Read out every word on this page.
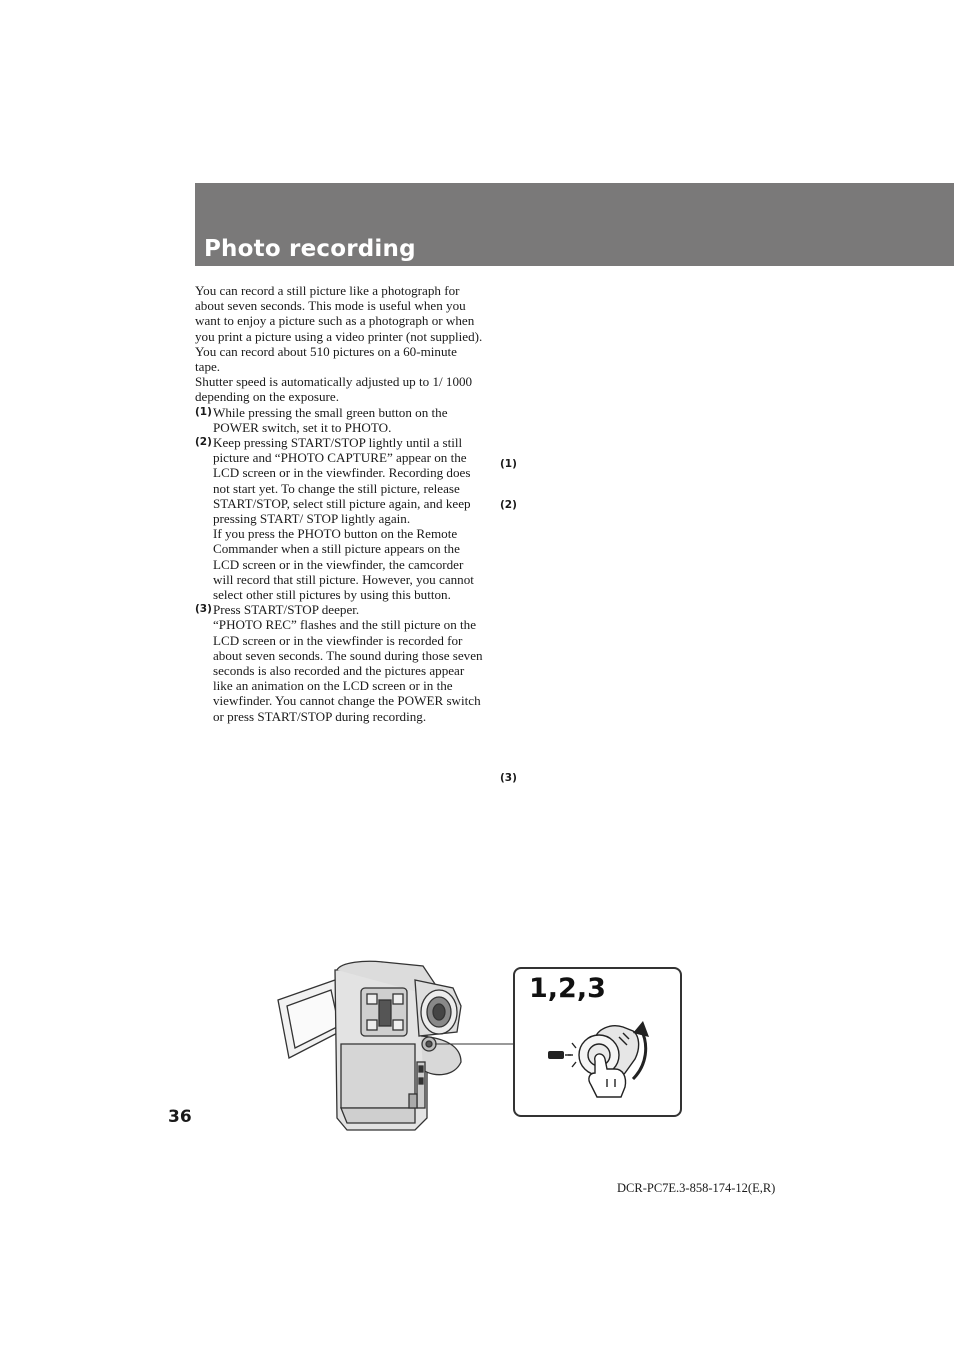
Photo recording

You can record a still picture like a photograph for about seven seconds. This mode is useful when you want to enjoy a picture such as a photograph or when you print a picture using a video printer (not supplied). You can record about 510 pictures on a 60-minute tape.

Shutter speed is automatically adjusted up to 1/ 1000 depending on the exposure.

(1) While pressing the small green button on the POWER switch, set it to PHOTO.

(2) Keep pressing START/STOP lightly until a still picture and “PHOTO CAPTURE” appear on the LCD screen or in the viewfinder. Recording does not start yet. To change the still picture, release START/STOP, select still picture again, and keep pressing START/ STOP lightly again.

If you press the PHOTO button on the Remote Commander when a still picture appears on the LCD screen or in the viewfinder, the camcorder will record that still picture. However, you cannot select other still pictures by using this button.

(3) Press START/STOP deeper.

“PHOTO REC” flashes and the still picture on the LCD screen or in the viewfinder is recorded for about seven seconds. The sound during those seven seconds is also recorded and the pictures appear like an animation on the LCD screen or in the viewfinder. You cannot change the POWER switch or press START/STOP during recording.

(1)
(2)
(3)
1,2,3
36
DCR-PC7E.3-858-174-12(E,R)
